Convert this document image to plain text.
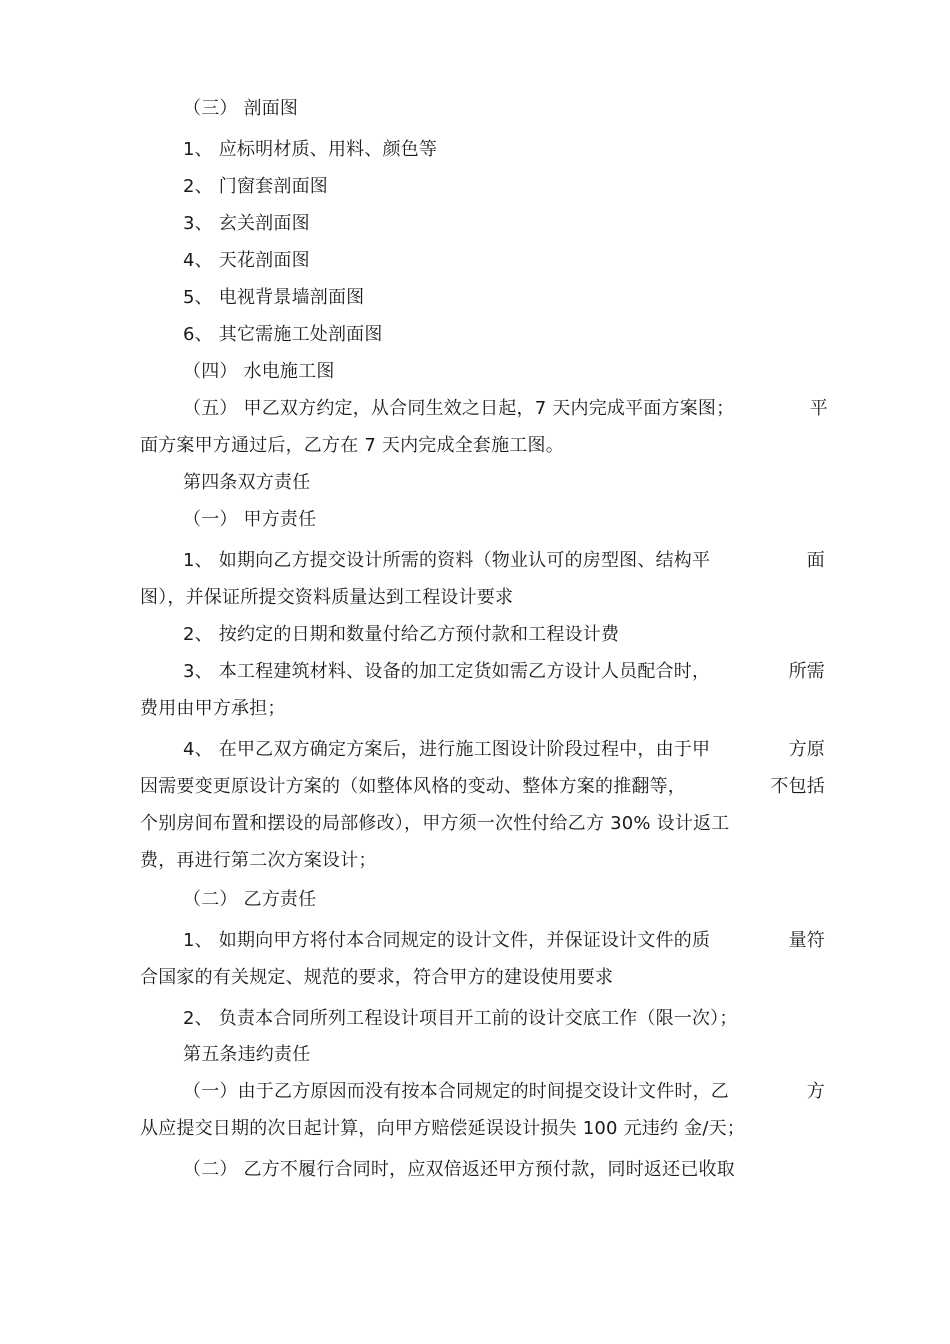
（三） 剖面图
1、 应标明材质、用料、颜色等
2、 门窗套剖面图
3、 玄关剖面图
4、 天花剖面图
5、 电视背景墙剖面图
6、 其它需施工处剖面图
（四） 水电施工图
（五） 甲乙双方约定，从合同生效之日起，7 天内完成平面方案图；	平
面方案甲方通过后，乙方在 7 天内完成全套施工图。
第四条双方责任
（一） 甲方责任
1、 如期向乙方提交设计所需的资料（物业认可的房型图、结构平	面
图），并保证所提交资料质量达到工程设计要求
2、 按约定的日期和数量付给乙方预付款和工程设计费
3、 本工程建筑材料、设备的加工定货如需乙方设计人员配合时，	所需
费用由甲方承担；
4、 在甲乙双方确定方案后，进行施工图设计阶段过程中，由于甲	方原
因需要变更原设计方案的（如整体风格的变动、整体方案的推翻等，	不包括
个别房间布置和摆设的局部修改），甲方须一次性付给乙方 30% 设计返工
费，再进行第二次方案设计；
（二） 乙方责任
1、 如期向甲方将付本合同规定的设计文件，并保证设计文件的质	量符
合国家的有关规定、规范的要求，符合甲方的建设使用要求
2、 负责本合同所列工程设计项目开工前的设计交底工作（限一次）；
第五条违约责任
（一）由于乙方原因而没有按本合同规定的时间提交设计文件时，乙	方
从应提交日期的次日起计算，向甲方赔偿延误设计损失 100 元违约 金/天；
（二） 乙方不履行合同时，应双倍返还甲方预付款，同时返还已收取
